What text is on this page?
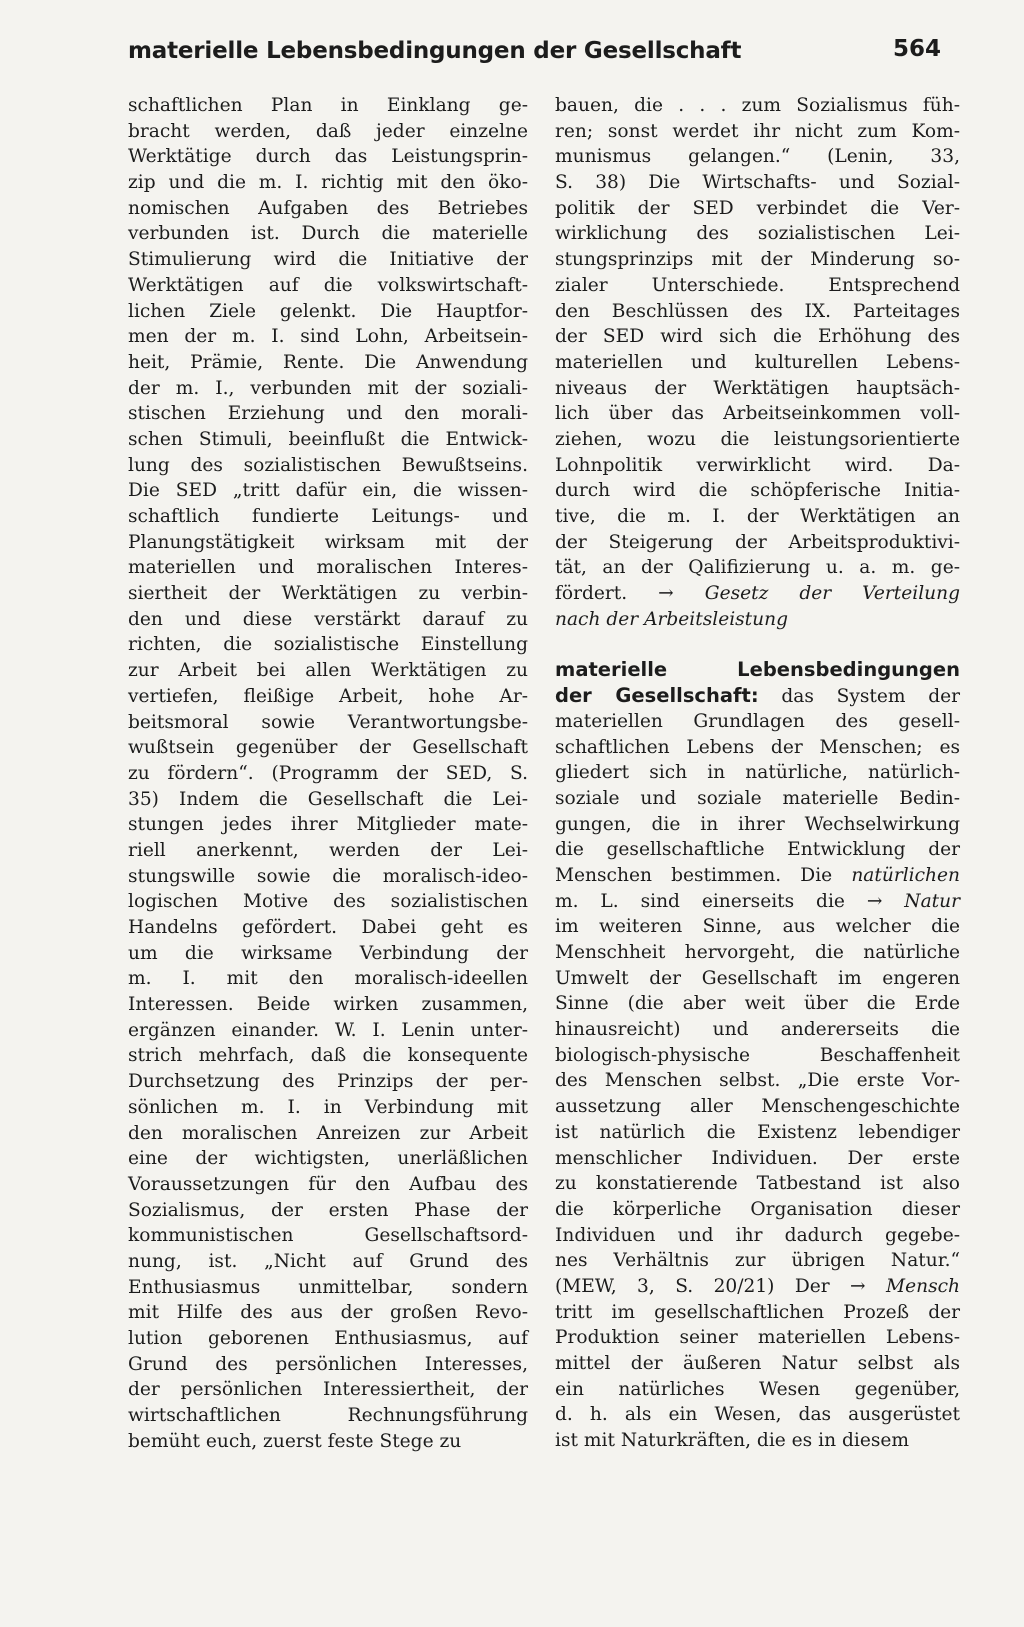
materielle Lebensbedingungen der Gesellschaft	564
schaftlichen Plan in Einklang ge-
bracht werden, daß jeder einzelne
Werktätige durch das Leistungsprin-
zip und die m. I. richtig mit den öko-
nomischen Aufgaben des Betriebes
verbunden ist. Durch die materielle
Stimulierung wird die Initiative der
Werktätigen auf die volkswirtschaft-
lichen Ziele gelenkt. Die Hauptfor-
men der m. I. sind Lohn, Arbeitsein-
heit, Prämie, Rente. Die Anwendung
der m. I., verbunden mit der soziali-
stischen Erziehung und den morali-
schen Stimuli, beeinflußt die Entwick-
lung des sozialistischen Bewußtseins.
Die SED „tritt dafür ein, die wissen-
schaftlich fundierte Leitungs- und
Planungstätigkeit wirksam mit der
materiellen und moralischen Interes-
siertheit der Werktätigen zu verbin-
den und diese verstärkt darauf zu
richten, die sozialistische Einstellung
zur Arbeit bei allen Werktätigen zu
vertiefen, fleißige Arbeit, hohe Ar-
beitsmoral sowie Verantwortungsbe-
wußtsein gegenüber der Gesellschaft
zu fördern“. (Programm der SED, S.
35) Indem die Gesellschaft die Lei-
stungen jedes ihrer Mitglieder mate-
riell anerkennt, werden der Lei-
stungswille sowie die moralisch-ideo-
logischen Motive des sozialistischen
Handelns gefördert. Dabei geht es
um die wirksame Verbindung der
m. I. mit den moralisch-ideellen
Interessen. Beide wirken zusammen,
ergänzen einander. W. I. Lenin unter-
strich mehrfach, daß die konsequente
Durchsetzung des Prinzips der per-
sönlichen m. I. in Verbindung mit
den moralischen Anreizen zur Arbeit
eine der wichtigsten, unerläßlichen
Voraussetzungen für den Aufbau des
Sozialismus, der ersten Phase der
kommunistischen Gesellschaftsord-
nung, ist. „Nicht auf Grund des
Enthusiasmus unmittelbar, sondern
mit Hilfe des aus der großen Revo-
lution geborenen Enthusiasmus, auf
Grund des persönlichen Interesses,
der persönlichen Interessiertheit, der
wirtschaftlichen Rechnungsführung
bemüht euch, zuerst feste Stege zu
bauen, die . . . zum Sozialismus füh-
ren; sonst werdet ihr nicht zum Kom-
munismus gelangen.“ (Lenin, 33,
S. 38) Die Wirtschafts- und Sozial-
politik der SED verbindet die Ver-
wirklichung des sozialistischen Lei-
stungsprinzips mit der Minderung so-
zialer Unterschiede. Entsprechend
den Beschlüssen des IX. Parteitages
der SED wird sich die Erhöhung des
materiellen und kulturellen Lebens-
niveaus der Werktätigen hauptsäch-
lich über das Arbeitseinkommen voll-
ziehen, wozu die leistungsorientierte
Lohnpolitik verwirklicht wird. Da-
durch wird die schöpferische Initia-
tive, die m. I. der Werktätigen an
der Steigerung der Arbeitsproduktivi-
tät, an der Qalifizierung u. a. m. ge-
fördert. → Gesetz der Verteilung
nach der Arbeitsleistung
materielle	Lebensbedingungen
der Gesellschaft: das System der
materiellen Grundlagen des gesell-
schaftlichen Lebens der Menschen; es
gliedert sich in natürliche, natürlich-
soziale und soziale materielle Bedin-
gungen, die in ihrer Wechselwirkung
die gesellschaftliche Entwicklung der
Menschen bestimmen. Die natürlichen
m. L. sind einerseits die → Natur
im weiteren Sinne, aus welcher die
Menschheit hervorgeht, die natürliche
Umwelt der Gesellschaft im engeren
Sinne (die aber weit über die Erde
hinausreicht) und andererseits die
biologisch-physische Beschaffenheit
des Menschen selbst. „Die erste Vor-
aussetzung aller Menschengeschichte
ist natürlich die Existenz lebendiger
menschlicher Individuen. Der erste
zu konstatierende Tatbestand ist also
die körperliche Organisation dieser
Individuen und ihr dadurch gegebe-
nes Verhältnis zur übrigen Natur.“
(MEW, 3, S. 20/21) Der → Mensch
tritt im gesellschaftlichen Prozeß der
Produktion seiner materiellen Lebens-
mittel der äußeren Natur selbst als
ein natürliches Wesen gegenüber,
d. h. als ein Wesen, das ausgerüstet
ist mit Naturkräften, die es in diesem
